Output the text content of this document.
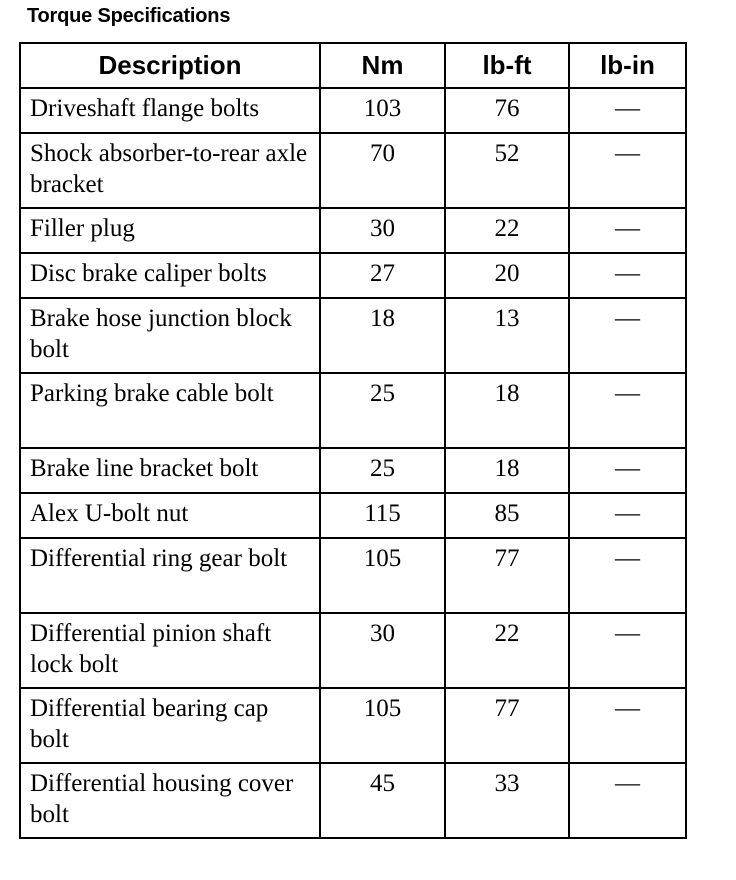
Torque Specifications
Description	Nm	lb-ft	lb-in
Driveshaft flange bolts	103	76	—
Shock absorber-to-rear axle bracket	70	52	—
Filler plug	30	22	—
Disc brake caliper bolts	27	20	—
Brake hose junction block bolt	18	13	—
Parking brake cable bolt	25	18	—
Brake line bracket bolt	25	18	—
Alex U-bolt nut	115	85	—
Differential ring gear bolt	105	77	—
Differential pinion shaft lock bolt	30	22	—
Differential bearing cap bolt	105	77	—
Differential housing cover bolt	45	33	—
